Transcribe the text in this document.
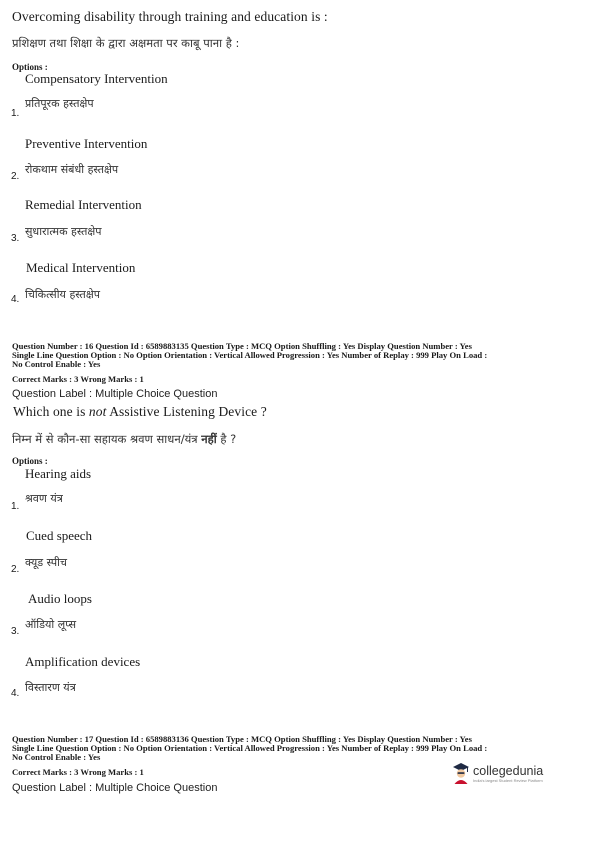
Overcoming disability through training and education is :
प्रशिक्षण तथा शिक्षा के द्वारा अक्षमता पर काबू पाना है :
Options :
Compensatory Intervention
1.
प्रतिपूरक हस्तक्षेप
Preventive Intervention
2.
रोकथाम संबंधी हस्तक्षेप
Remedial Intervention
3.
सुधारात्मक हस्तक्षेप
Medical Intervention
4. चिकित्सीय हस्तक्षेप
Question Number : 16 Question Id : 6589883135 Question Type : MCQ Option Shuffling : Yes Display Question Number : Yes
Single Line Question Option : No Option Orientation : Vertical Allowed Progression : Yes Number of Replay : 999 Play On Load :
No Control Enable : Yes
Correct Marks : 3 Wrong Marks : 1
Question Label : Multiple Choice Question
Which one is not Assistive Listening Device ?
निम्न में से कौन-सा सहायक श्रवण साधन/यंत्र नहीं है ?
Options :
Hearing aids
1.
श्रवण यंत्र
Cued speech
2.
क्यूड स्पीच
Audio loops
3.
ऑडियो लूप्स
Amplification devices
4. विस्तारण यंत्र
Question Number : 17 Question Id : 6589883136 Question Type : MCQ Option Shuffling : Yes Display Question Number : Yes
Single Line Question Option : No Option Orientation : Vertical Allowed Progression : Yes Number of Replay : 999 Play On Load :
No Control Enable : Yes
Correct Marks : 3 Wrong Marks : 1
Question Label : Multiple Choice Question
collegedunia
India's largest Student Review Platform
